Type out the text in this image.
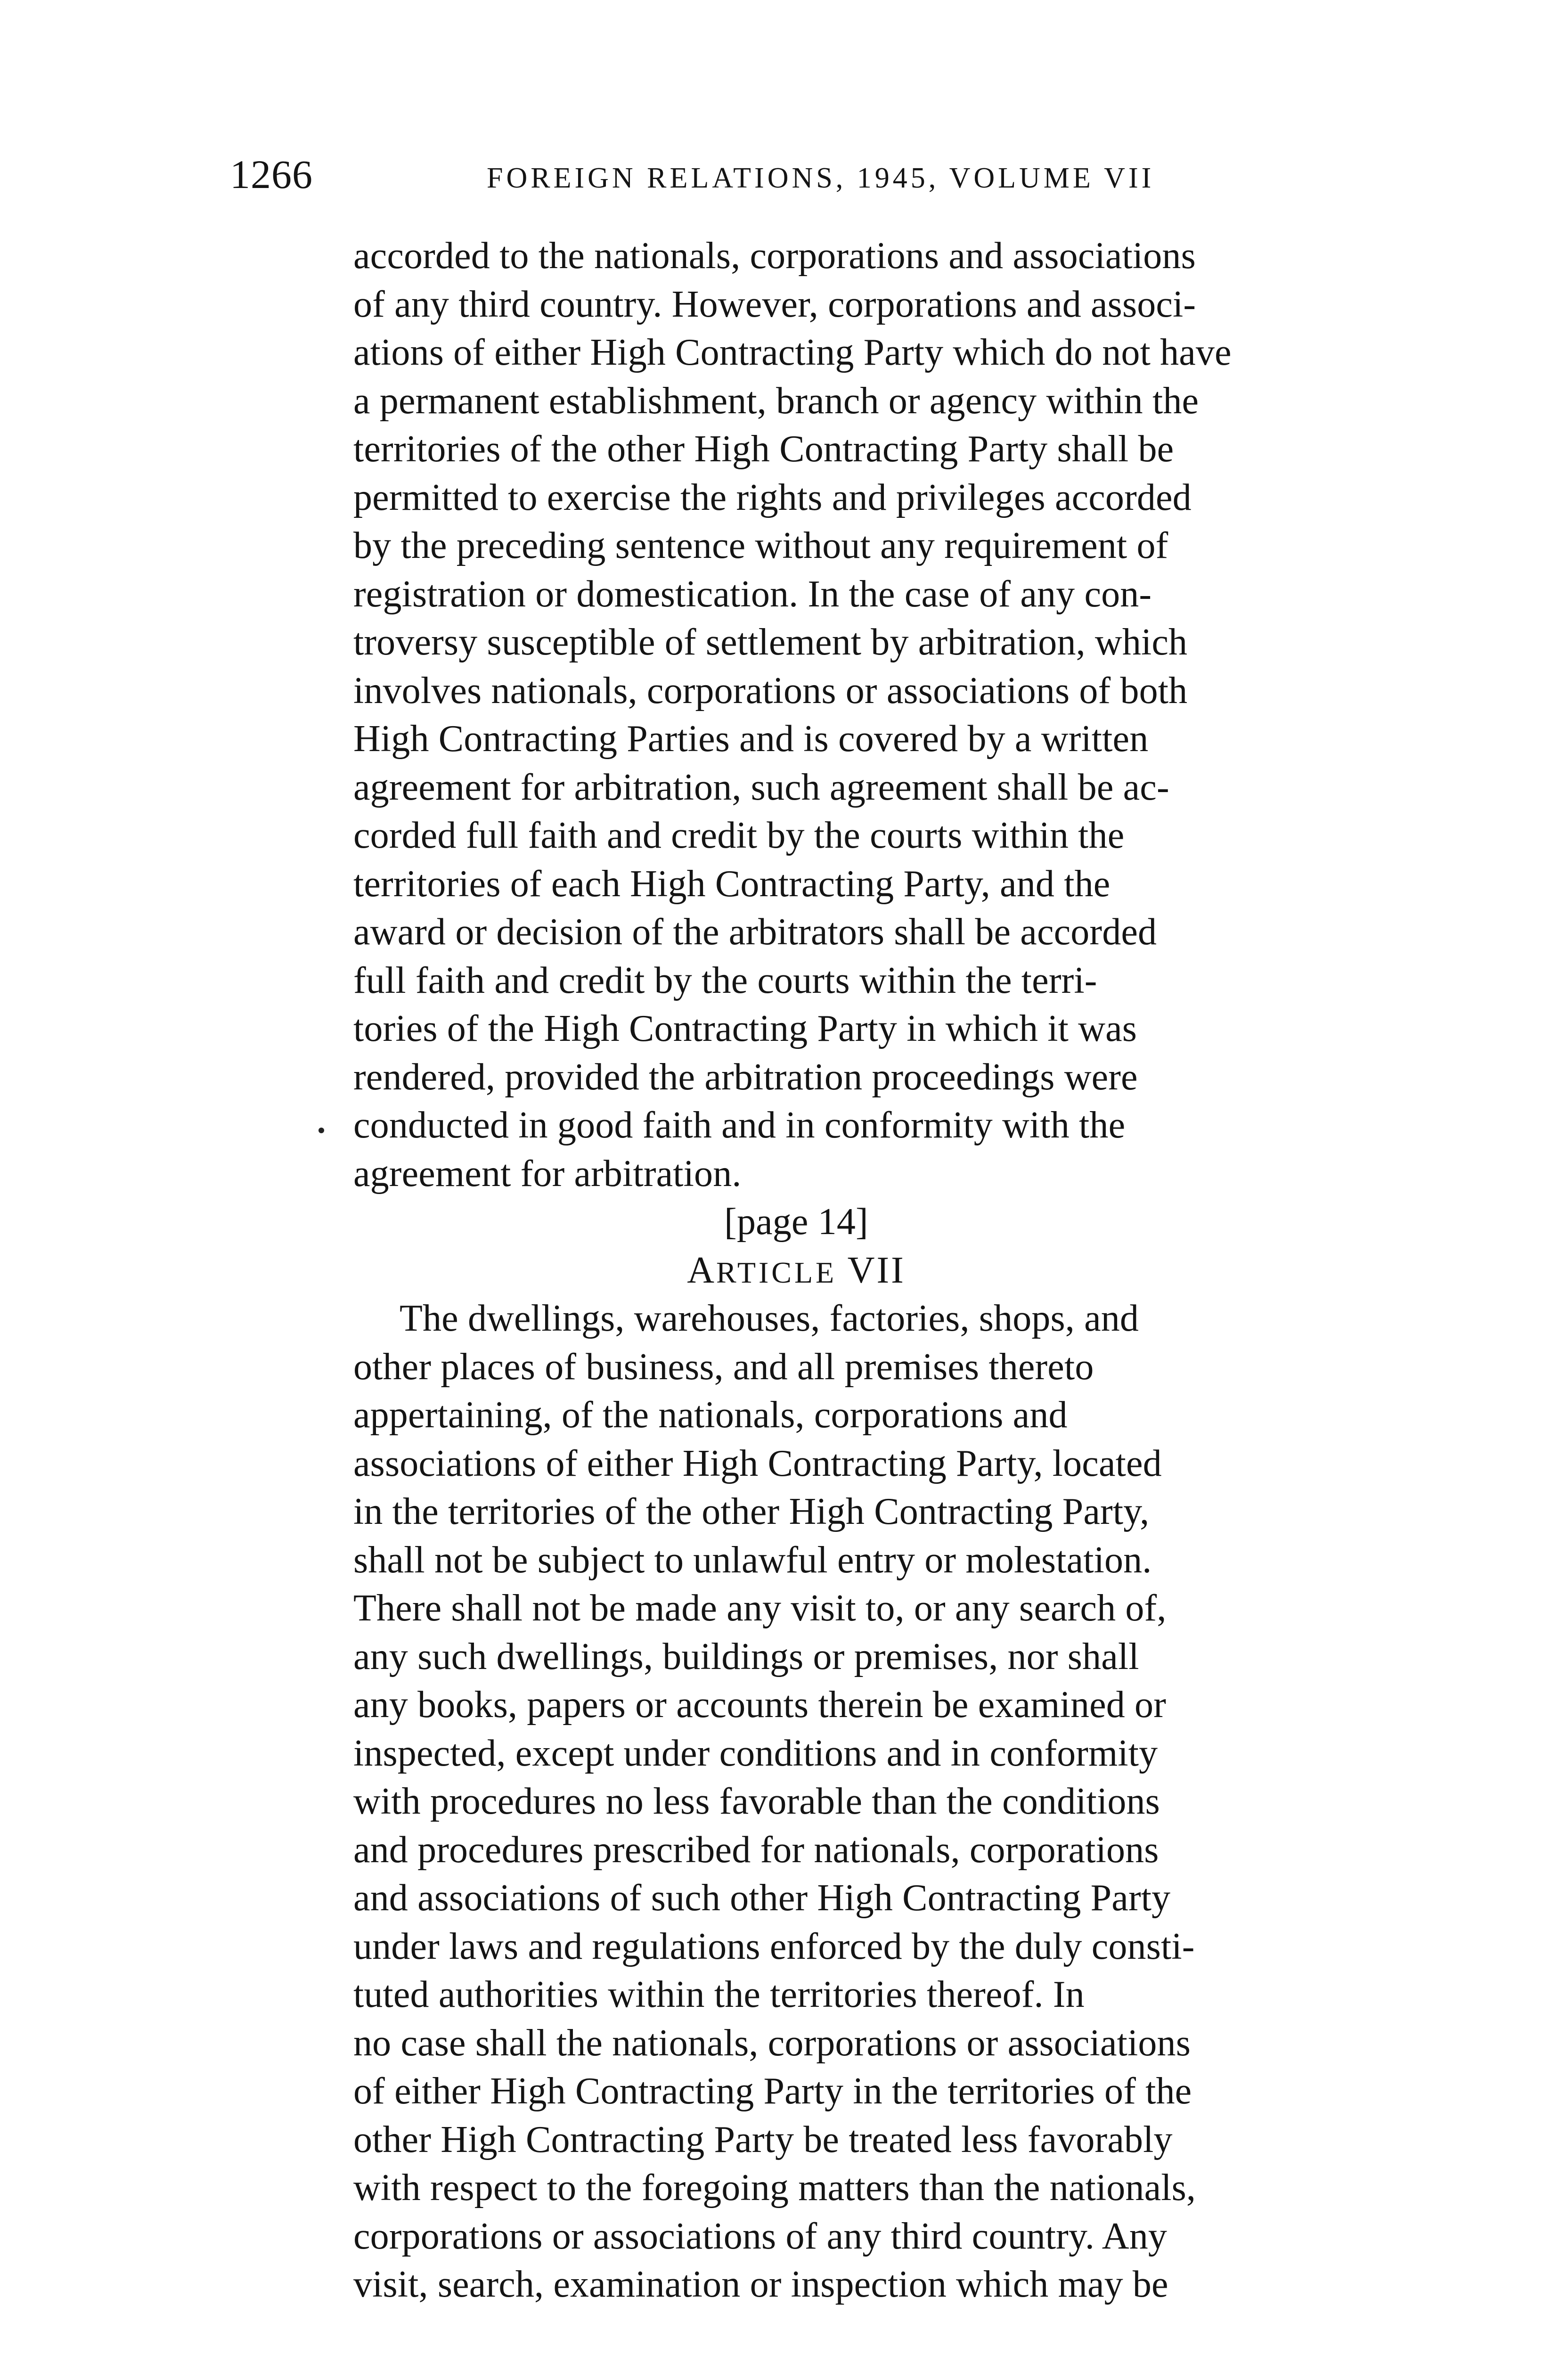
1266	FOREIGN RELATIONS, 1945, VOLUME VII
accorded to the nationals, corporations and associations
of any third country. However, corporations and associ-
ations of either High Contracting Party which do not have
a permanent establishment, branch or agency within the
territories of the other High Contracting Party shall be
permitted to exercise the rights and privileges accorded
by the preceding sentence without any requirement of
registration or domestication. In the case of any con-
troversy susceptible of settlement by arbitration, which
involves nationals, corporations or associations of both
High Contracting Parties and is covered by a written
agreement for arbitration, such agreement shall be ac-
corded full faith and credit by the courts within the
territories of each High Contracting Party, and the
award or decision of the arbitrators shall be accorded
full faith and credit by the courts within the terri-
tories of the High Contracting Party in which it was
rendered, provided the arbitration proceedings were
conducted in good faith and in conformity with the
agreement for arbitration.
[page 14]
ARTICLE VII
The dwellings, warehouses, factories, shops, and
other places of business, and all premises thereto
appertaining, of the nationals, corporations and
associations of either High Contracting Party, located
in the territories of the other High Contracting Party,
shall not be subject to unlawful entry or molestation.
There shall not be made any visit to, or any search of,
any such dwellings, buildings or premises, nor shall
any books, papers or accounts therein be examined or
inspected, except under conditions and in conformity
with procedures no less favorable than the conditions
and procedures prescribed for nationals, corporations
and associations of such other High Contracting Party
under laws and regulations enforced by the duly consti-
tuted authorities within the territories thereof. In
no case shall the nationals, corporations or associations
of either High Contracting Party in the territories of the
other High Contracting Party be treated less favorably
with respect to the foregoing matters than the nationals,
corporations or associations of any third country. Any
visit, search, examination or inspection which may be
